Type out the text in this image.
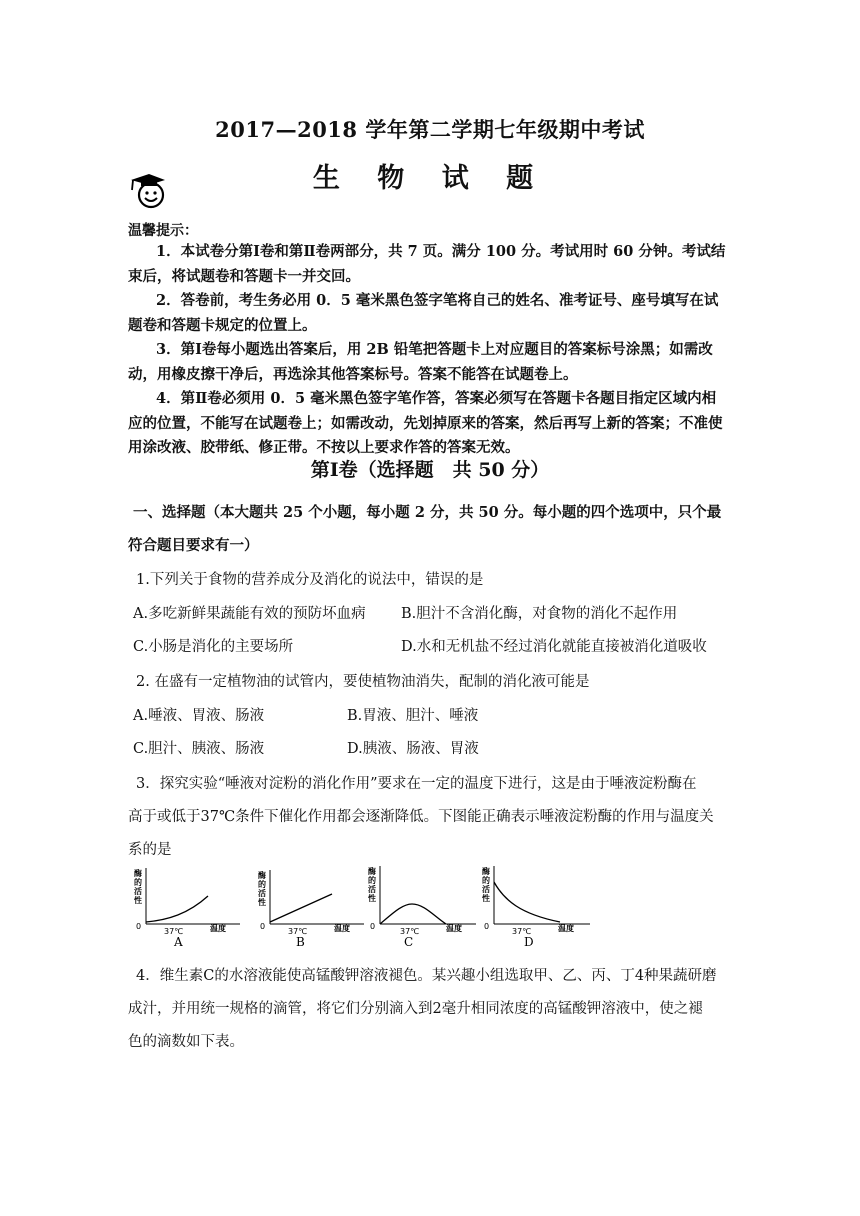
2017—2018 学年第二学期七年级期中考试
生 物 试 题
温馨提示：

1．本试卷分第Ⅰ卷和第Ⅱ卷两部分，共 7 页。满分 100 分。考试用时 60 分钟。考试结束后，将试题卷和答题卡一并交回。

2．答卷前，考生务必用 0．5 毫米黑色签字笔将自己的姓名、准考证号、座号填写在试题卷和答题卡规定的位置上。

3．第Ⅰ卷每小题选出答案后，用 2B 铅笔把答题卡上对应题目的答案标号涂黑；如需改动，用橡皮擦干净后，再选涂其他答案标号。答案不能答在试题卷上。

4．第Ⅱ卷必须用 0．5 毫米黑色签字笔作答，答案必须写在答题卡各题目指定区域内相应的位置，不能写在试题卷上；如需改动，先划掉原来的答案，然后再写上新的答案；不准使用涂改液、胶带纸、修正带。不按以上要求作答的答案无效。

第Ⅰ卷（选择题　共 50 分）
一、选择题（本大题共 25 个小题，每小题 2 分，共 50 分。每小题的四个选项中，只个最
符合题目要求有一）
1.下列关于食物的营养成分及消化的说法中，错误的是
A.多吃新鲜果蔬能有效的预防坏血病 B.胆汁不含消化酶，对食物的消化不起作用
C.小肠是消化的主要场所	D.水和无机盐不经过消化就能直接被消化道吸收
2. 在盛有一定植物油的试管内，要使植物油消失，配制的消化液可能是
A.唾液、胃液、肠液	B.胃液、胆汁、唾液
C.胆汁、胰液、肠液	D.胰液、肠液、胃液
3．探究实验“唾液对淀粉的消化作用”要求在一定的温度下进行，这是由于唾液淀粉酶在
高于或低于37℃条件下催化作用都会逐渐降低。下图能正确表示唾液淀粉酶的作用与温度关
系的是
酶的活性
0
37℃	温度
A
酶的活性
0
37℃	温度
B
酶的活性
0
37℃	温度
C
酶的活性
0
37℃	温度
D
4．维生素C的水溶液能使高锰酸钾溶液褪色。某兴趣小组选取甲、乙、丙、丁4种果蔬研磨
成汁，并用统一规格的滴管，将它们分别滴入到2毫升相同浓度的高锰酸钾溶液中，使之褪
色的滴数如下表。
